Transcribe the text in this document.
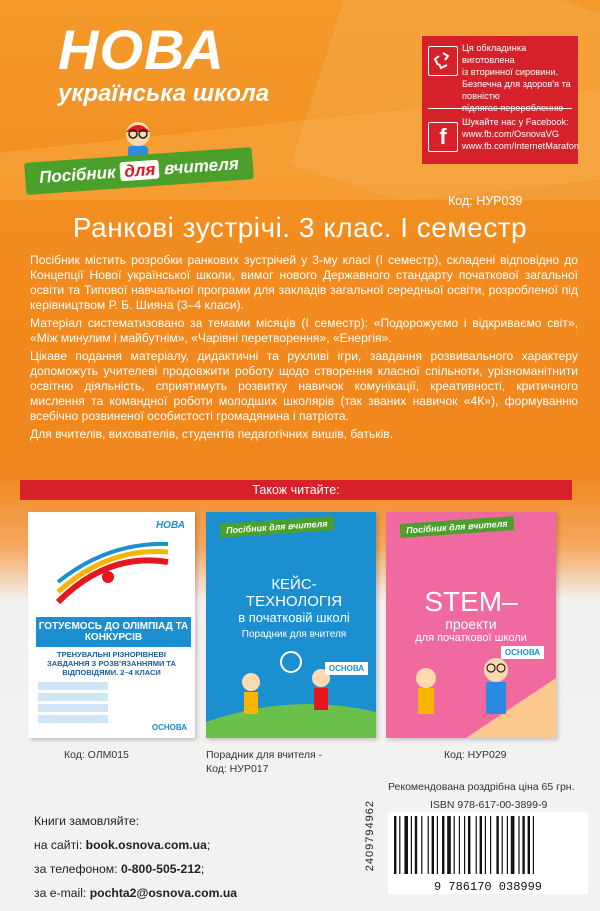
НОВА
українська школа
Посібник для вчителя
Ця обкладинка виготовлена
із вторинної сировини.
Безпечна для здоров'я та повністю
підлягає переробленню
f
Шукайте нас у Facebook:
www.fb.com/OsnovaVG
www.fb.com/InternetMarafon
Код: НУР039
Ранкові зустрічі. 3 клас. І семестр

Посібник містить розробки ранкових зустрічей у 3-му класі (І семестр), складені відповідно до Концепції Нової української школи, вимог нового Державного стандарту початкової загальної освіти та Типової навчальної програми для закладів загальної середньої освіти, розробленої під керівництвом Р. Б. Шияна (3–4 класи).

Матеріал систематизовано за темами місяців (І семестр): «Подорожуємо і відкриваємо світ», «Між минулим і майбутнім», «Чарівні перетворення», «Енергія».

Цікаве подання матеріалу, дидактичні та рухливі ігри, завдання розвивального характеру допоможуть учителеві продовжити роботу щодо створення класної спільноти, урізноманітнити освітню діяльність, сприятимуть розвитку навичок комунікації, креативності, критичного мислення та командної роботи молодших школярів (так званих навичок «4К»), формуванню всебічно розвиненої особистості громадянина і патріота.

Для вчителів, вихователів, студентів педагогічних вишів, батьків.

Також читайте:
НОВА
ГОТУЄМОСЬ ДО ОЛІМПІАД ТА КОНКУРСІВ
ТРЕНУВАЛЬНІ РІЗНОРІВНЕВІ ЗАВДАННЯ З РОЗВ'ЯЗАННЯМИ ТА ВІДПОВІДЯМИ. 2–4 КЛАСИ
ОСНОВА
Посібник для вчителя
КЕЙС-ТЕХНОЛОГІЯ
в початковій школі
Порадник для вчителя
ОСНОВА
Посібник для вчителя
STEM–
проекти
для початкової школи
ОСНОВА
Код: ОЛМ015	Порадник для вчителя -
Код: НУР017
Код: НУР029
Рекомендована роздрібна ціна 65 грн.
ISBN 978-617-00-3899-9
2409794962
9 786170 038999
Книги замовляйте:
на сайті: book.osnova.com.ua;
за телефоном: 0-800-505-212;
за e-mail: pochta2@osnova.com.ua
